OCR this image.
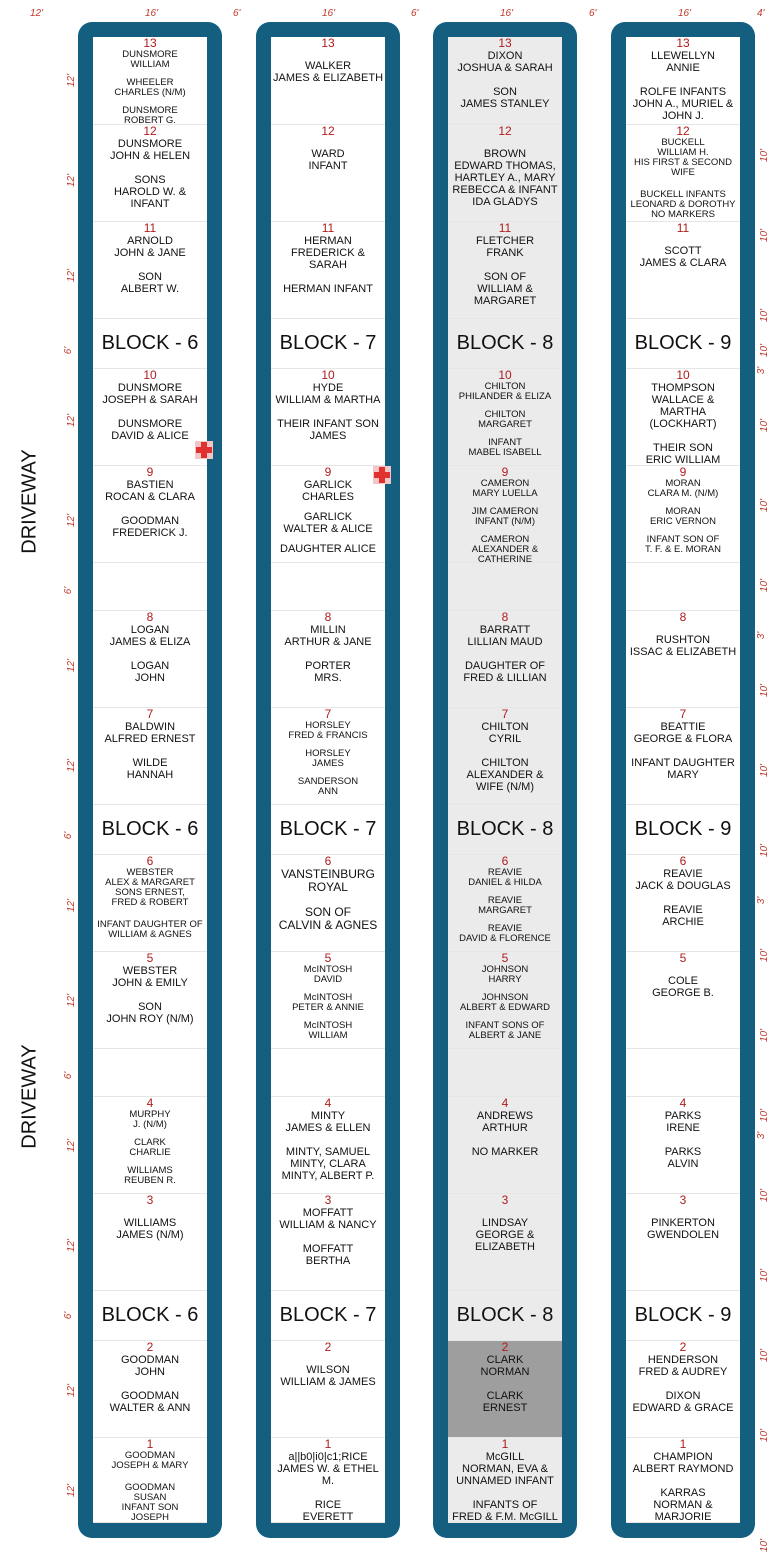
12'	16'	6'	16'	6'	16'	6'	16'	4'
13
DUNSMORE
WILLIAM
WHEELER
CHARLES (N/M)
DUNSMORE
ROBERT G.
12
DUNSMORE
JOHN & HELEN
SONS
HAROLD W. & INFANT
11
ARNOLD
JOHN & JANE
SON
ALBERT W.
BLOCK - 6
10
DUNSMORE
JOSEPH & SARAH
DUNSMORE
DAVID & ALICE
9
BASTIEN
ROCAN & CLARA
GOODMAN
FREDERICK J.
8
LOGAN
JAMES & ELIZA
LOGAN
JOHN
7
BALDWIN
ALFRED ERNEST
WILDE
HANNAH
BLOCK - 6
6
WEBSTER
ALEX & MARGARET
SONS ERNEST,
FRED & ROBERT
INFANT DAUGHTER OF
WILLIAM & AGNES
5
WEBSTER
JOHN & EMILY
SON
JOHN ROY (N/M)
4
MURPHY
J. (N/M)
CLARK
CHARLIE
WILLIAMS
REUBEN R.
3
WILLIAMS
JAMES (N/M)
BLOCK - 6
2
GOODMAN
JOHN
GOODMAN
WALTER & ANN
1
GOODMAN
JOSEPH & MARY
GOODMAN
SUSAN
INFANT SON
JOSEPH
13
WALKER
JAMES & ELIZABETH
12
WARD
INFANT
11
HERMAN
FREDERICK & SARAH
HERMAN INFANT
BLOCK - 7
10
HYDE
WILLIAM & MARTHA
THEIR INFANT SON
JAMES
9
GARLICK
CHARLES
GARLICK
WALTER & ALICE
DAUGHTER ALICE
8
MILLIN
ARTHUR & JANE
PORTER
MRS.
7
HORSLEY
FRED & FRANCIS
HORSLEY
JAMES
SANDERSON
ANN
BLOCK - 7
6
VANSTEINBURG
ROYAL
SON OF
CALVIN & AGNES
5
McINTOSH
DAVID
McINTOSH
PETER & ANNIE
McINTOSH
WILLIAM
4
MINTY
JAMES & ELLEN
MINTY, SAMUEL
MINTY, CLARA
MINTY, ALBERT P.
3
MOFFATT
WILLIAM & NANCY
MOFFATT
BERTHA
BLOCK - 7
2
WILSON
WILLIAM & JAMES
1
a||b0|i0|c1;RICE
JAMES W. & ETHEL M.
RICE
EVERETT
13
DIXON
JOSHUA & SARAH
SON
JAMES STANLEY
12
BROWN
EDWARD THOMAS,
HARTLEY A., MARY
REBECCA & INFANT
IDA GLADYS
11
FLETCHER
FRANK
SON OF
WILLIAM & MARGARET
BLOCK - 8
10
CHILTON
PHILANDER & ELIZA
CHILTON
MARGARET
INFANT
MABEL ISABELL
9
CAMERON
MARY LUELLA
JIM CAMERON
INFANT (N/M)
CAMERON
ALEXANDER & CATHERINE
8
BARRATT
LILLIAN MAUD
DAUGHTER OF
FRED & LILLIAN
7
CHILTON
CYRIL
CHILTON
ALEXANDER &
WIFE (N/M)
BLOCK - 8
6
REAVIE
DANIEL & HILDA
REAVIE
MARGARET
REAVIE
DAVID & FLORENCE
5
JOHNSON
HARRY
JOHNSON
ALBERT & EDWARD
INFANT SONS OF
ALBERT & JANE
4
ANDREWS
ARTHUR
NO MARKER
3
LINDSAY
GEORGE & ELIZABETH
BLOCK - 8
2
CLARK
NORMAN
CLARK
ERNEST
1
McGILL
NORMAN, EVA &
UNNAMED INFANT
INFANTS OF
FRED & F.M. McGILL
13
LLEWELLYN
ANNIE
ROLFE INFANTS
JOHN A., MURIEL &
JOHN J.
12
BUCKELL
WILLIAM H.
HIS FIRST & SECOND WIFE
BUCKELL INFANTS
LEONARD & DOROTHY
NO MARKERS
11
SCOTT
JAMES & CLARA
BLOCK - 9
10
THOMPSON
WALLACE &
MARTHA (LOCKHART)
THEIR SON
ERIC WILLIAM
9
MORAN
CLARA M. (N/M)
MORAN
ERIC VERNON
INFANT SON OF
T. F. & E. MORAN
8
RUSHTON
ISSAC & ELIZABETH
7
BEATTIE
GEORGE & FLORA
INFANT DAUGHTER
MARY
BLOCK - 9
6
REAVIE
JACK & DOUGLAS
REAVIE
ARCHIE
5
COLE
GEORGE B.
4
PARKS
IRENE
PARKS
ALVIN
3
PINKERTON
GWENDOLEN
BLOCK - 9
2
HENDERSON
FRED & AUDREY
DIXON
EDWARD & GRACE
1
CHAMPION
ALBERT RAYMOND
KARRAS
NORMAN & MARJORIE
DRIVEWAY
DRIVEWAY
12'
12'
12'
6'
12'
12'
6'
12'
12'
6'
12'
12'
6'
12'
12'
6'
12'
12'
10'
10'
10'
10'
3'
10'
10'
10'
3'
10'
10'
10'
3'
10'
10'
10'
3'
10'
10'
10'
10'
10'
